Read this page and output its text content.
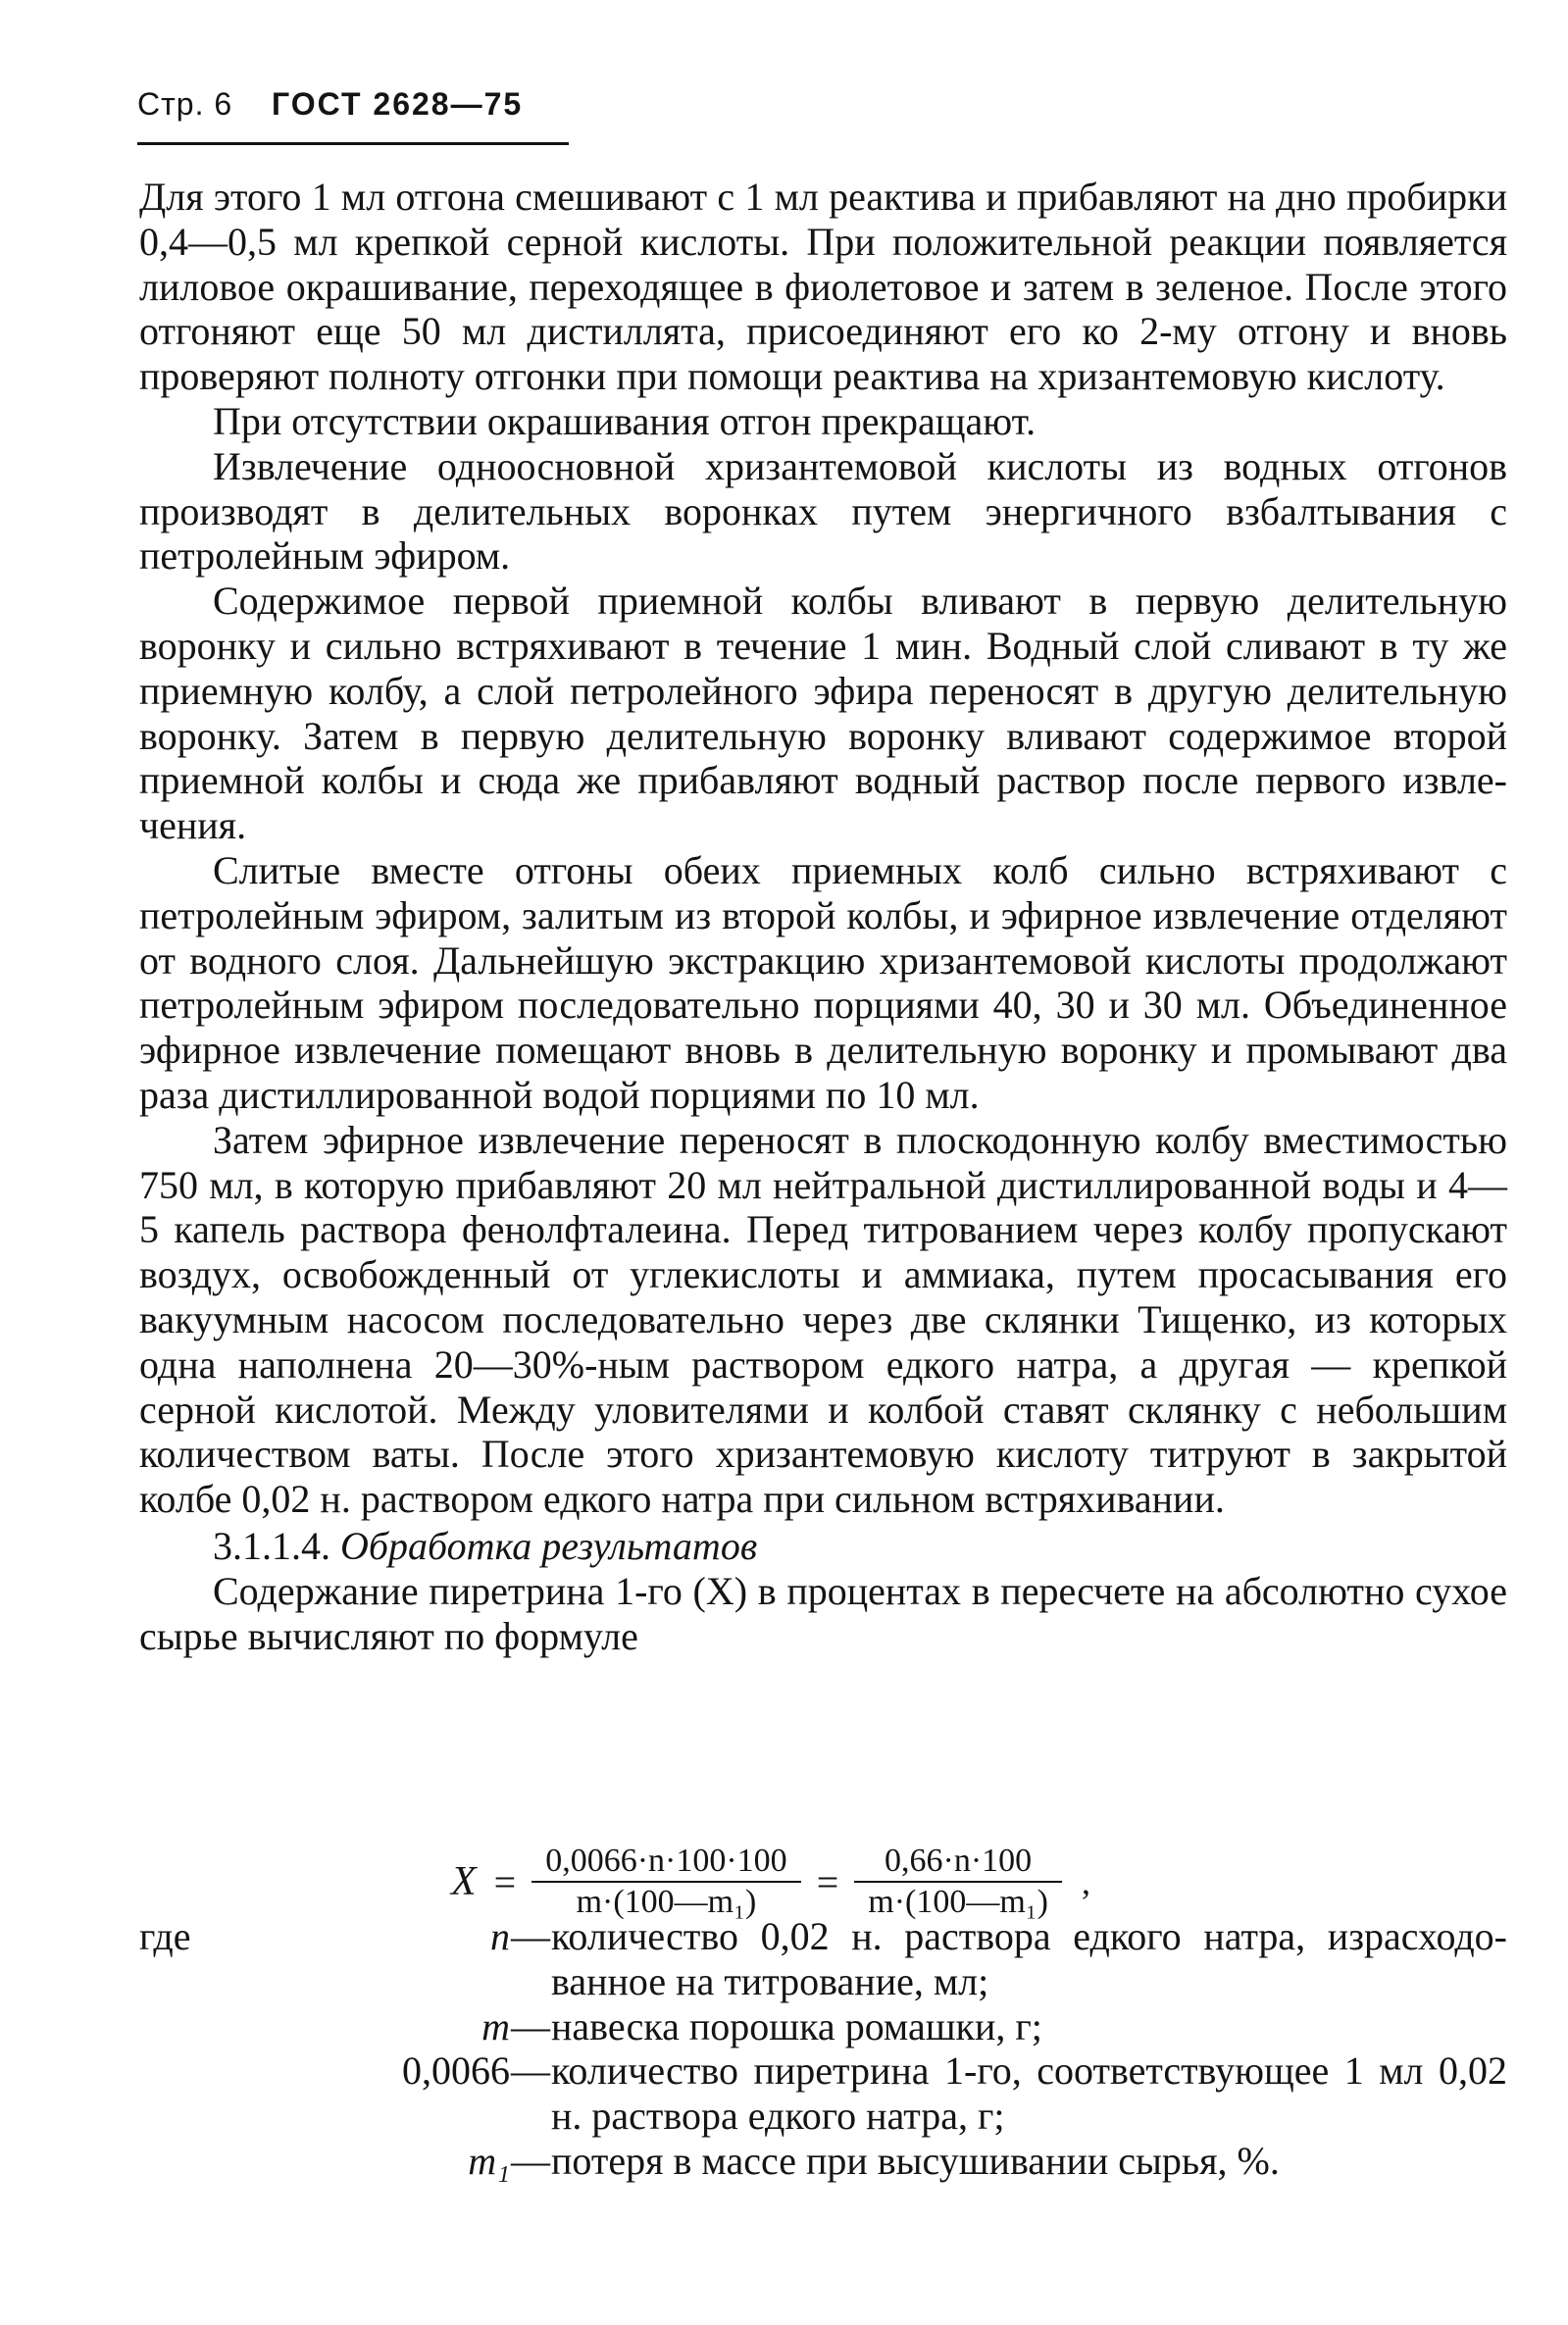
Стр. 6 ГОСТ 2628—75

Для этого 1 мл отгона смешивают с 1 мл реактива и прибавляют на дно пробирки 0,4—0,5 мл крепкой серной кислоты. При положительной реакции появляется лиловое окрашивание, переходящее в фиолетовое и затем в зеленое. После этого отгоняют еще 50 мл дистиллята, присоединяют его ко 2-му отгону и вновь проверяют полноту отгонки при помощи реактива на хризантемовую кислоту.

При отсутствии окрашивания отгон прекращают.

Извлечение одноосновной хризантемовой кислоты из водных отгонов производят в делительных воронках путем энергичного взбалтывания с петролейным эфиром.

Содержимое первой приемной колбы вливают в первую делительную воронку и сильно встряхивают в течение 1 мин. Водный слой сливают в ту же приемную колбу, а слой петролейного эфира переносят в другую делительную воронку. Затем в первую делительную воронку вливают содержимое второй приемной колбы и сюда же прибавляют водный раствор после первого извлечения.

Слитые вместе отгоны обеих приемных колб сильно встряхивают с петролейным эфиром, залитым из второй колбы, и эфирное извлечение отделяют от водного слоя. Дальнейшую экстракцию хризантемовой кислоты продолжают петролейным эфиром последовательно порциями 40, 30 и 30 мл. Объединенное эфирное извлечение помещают вновь в делительную воронку и промывают два раза дистиллированной водой порциями по 10 мл.

Затем эфирное извлечение переносят в плоскодонную колбу вместимостью 750 мл, в которую прибавляют 20 мл нейтральной дистиллированной воды и 4—5 капель раствора фенолфталеина. Перед титрованием через колбу пропускают воздух, освобожденный от углекислоты и аммиака, путем просасывания его вакуумным насосом последовательно через две склянки Тищенко, из которых одна наполнена 20—30%-ным раствором едкого натра, а другая — крепкой серной кислотой. Между уловителями и колбой ставят склянку с небольшим количеством ваты. После этого хризантемовую кислоту титруют в закрытой колбе 0,02 н. раствором едкого натра при сильном встряхивании.

3.1.1.4. Обработка результатов

Содержание пиретрина 1-го (X) в процентах в пересчете на абсолютно сухое сырье вычисляют по формуле

$X = \frac{0,0066\cdot n\cdot 100\cdot 100}{\text{m·(100—m₁)}} = \frac{0,66\cdot n\cdot 100}{\text{m·(100—m₁)}}$ ,
где	n — количество 0,02 н. раствора едкого натра, израсходованное на титрование, мл;
m — навеска порошка ромашки, г;
0,0066 — количество пиретрина 1-го, соответствующее 1 мл 0,02 н. раствора едкого натра, г;
m₁ — потеря в массе при высушивании сырья, %.
